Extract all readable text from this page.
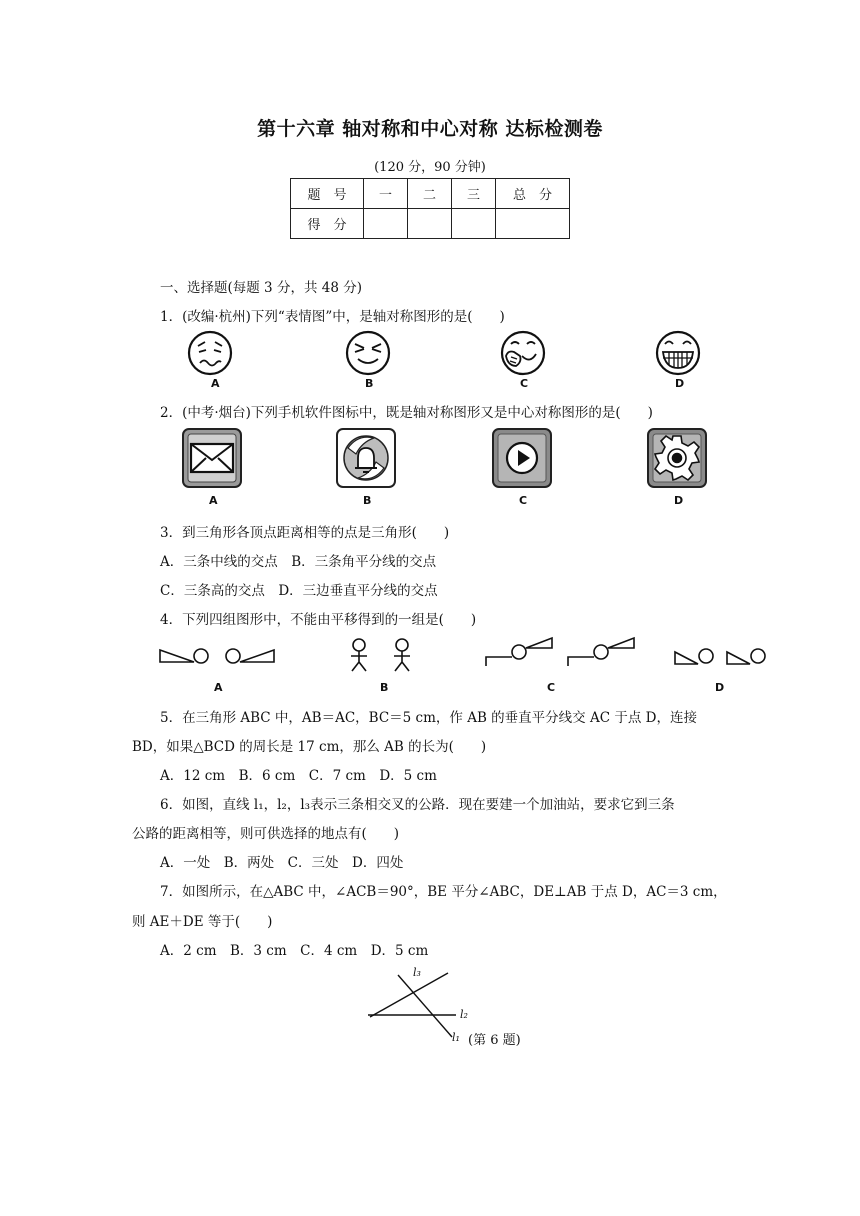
第十六章 轴对称和中心对称 达标检测卷
(120 分，90 分钟)
题　号	一	二	三	总　分
得　分				
一、选择题(每题 3 分，共 48 分)
1．(改编·杭州)下列“表情图”中，是轴对称图形的是(　　)
A	B	C	D
2．(中考·烟台)下列手机软件图标中，既是轴对称图形又是中心对称图形的是(　　)
A	B	C	D
3．到三角形各顶点距离相等的点是三角形(　　)
A．三条中线的交点　B．三条角平分线的交点
C．三条高的交点　D．三边垂直平分线的交点
4．下列四组图形中，不能由平移得到的一组是(　　)
A	B	C	D
5．在三角形 ABC 中，AB＝AC，BC＝5 cm，作 AB 的垂直平分线交 AC 于点 D，连接
BD，如果△BCD 的周长是 17 cm，那么 AB 的长为(　　)
A．12 cm　B．6 cm　C．7 cm　D．5 cm
6．如图，直线 l₁，l₂，l₃表示三条相交叉的公路．现在要建一个加油站，要求它到三条
公路的距离相等，则可供选择的地点有(　　)
A．一处　B．两处　C．三处　D．四处
7．如图所示，在△ABC 中，∠ACB＝90°，BE 平分∠ABC，DE⊥AB 于点 D，AC＝3 cm，
则 AE＋DE 等于(　　)
A．2 cm　B．3 cm　C．4 cm　D．5 cm
l₃
l₂
l₁ (第 6 题)
